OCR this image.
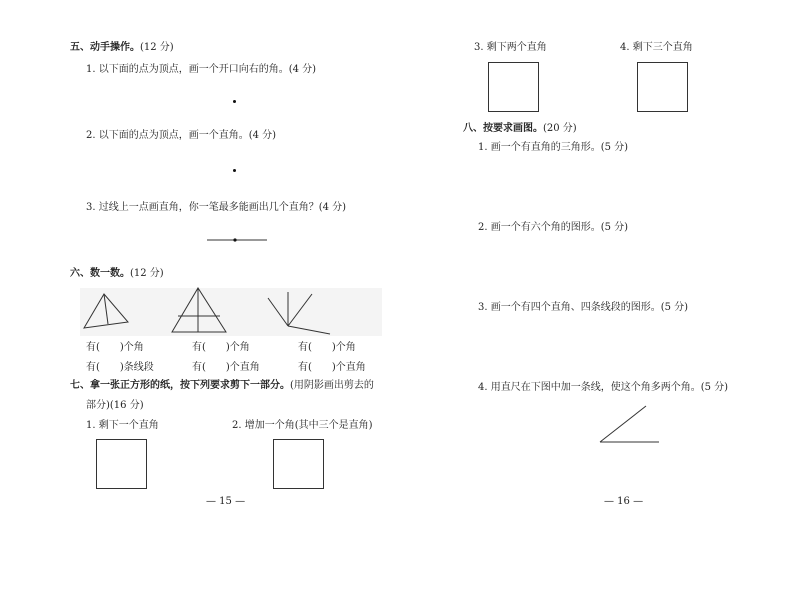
五、动手操作。(12 分)
1. 以下面的点为顶点，画一个开口向右的角。(4 分)
2. 以下面的点为顶点，画一个直角。(4 分)
3. 过线上一点画直角，你一笔最多能画出几个直角？(4 分)
六、数一数。(12 分)
有(　　)个角	有(　　)个角	有(　　)个角
有(　　)条线段	有(　　)个直角	有(　　)个直角
七、拿一张正方形的纸，按下列要求剪下一部分。(用阴影画出剪去的
部分)(16 分)
1. 剩下一个直角	2. 增加一个角(其中三个是直角)
— 15 —
3. 剩下两个直角	4. 剩下三个直角
八、按要求画图。(20 分)
1. 画一个有直角的三角形。(5 分)
2. 画一个有六个角的图形。(5 分)
3. 画一个有四个直角、四条线段的图形。(5 分)
4. 用直尺在下图中加一条线，使这个角多两个角。(5 分)
— 16 —
